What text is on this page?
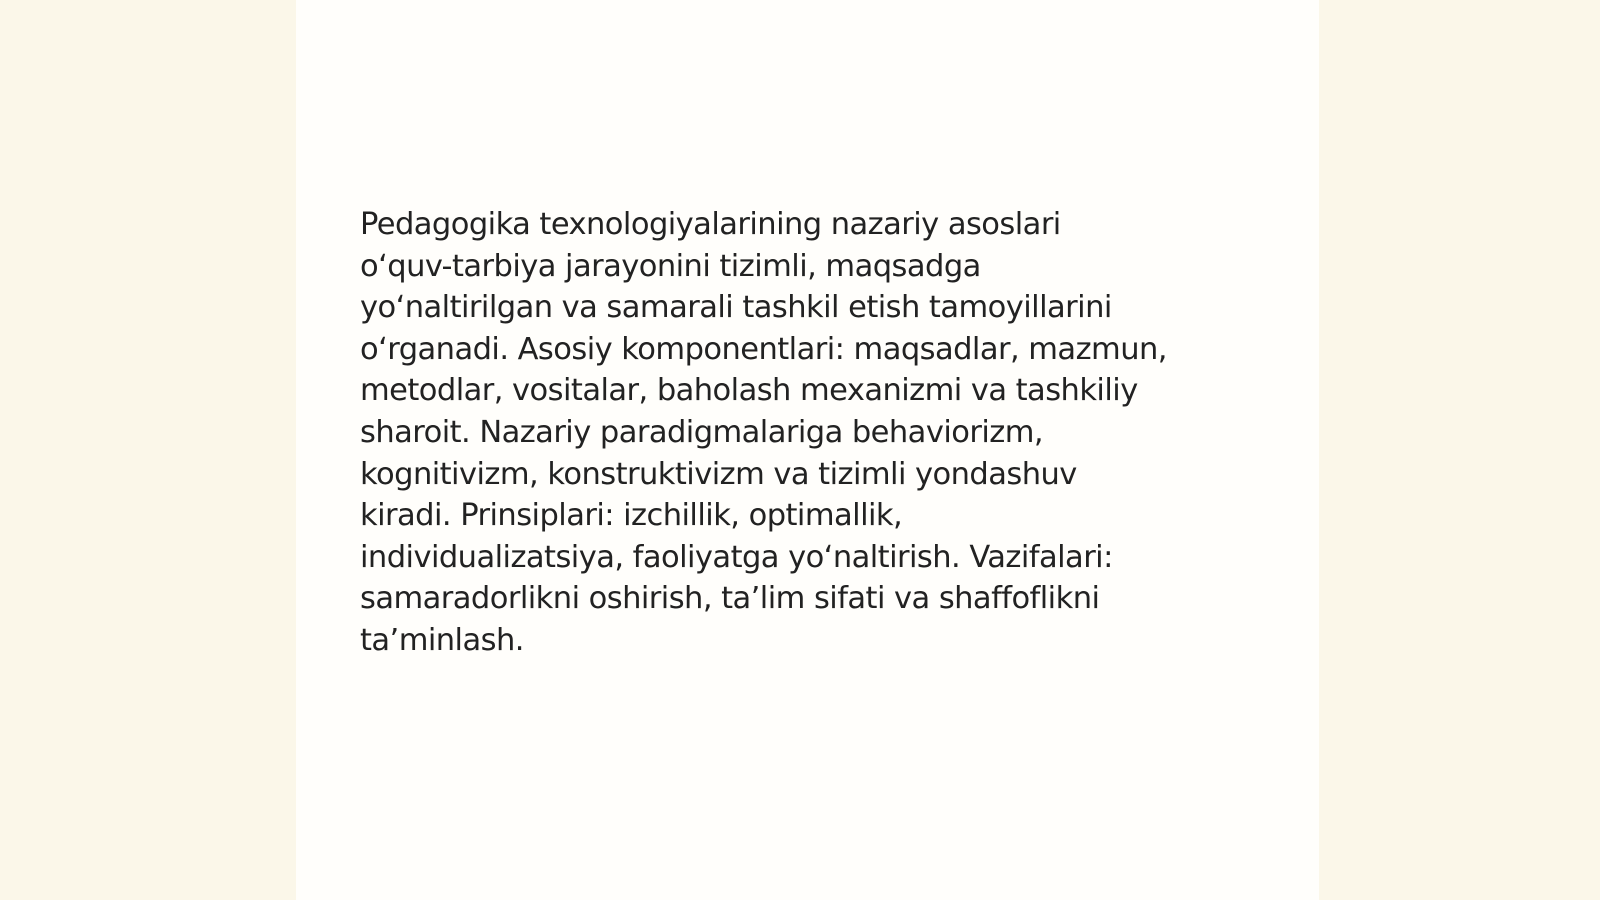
Pedagogika texnologiyalarining nazariy asoslari
o‘quv-tarbiya jarayonini tizimli, maqsadga
yo‘naltirilgan va samarali tashkil etish tamoyillarini
o‘rganadi. Asosiy komponentlari: maqsadlar, mazmun,
metodlar, vositalar, baholash mexanizmi va tashkiliy
sharoit. Nazariy paradigmalariga behaviorizm,
kognitivizm, konstruktivizm va tizimli yondashuv
kiradi. Prinsiplari: izchillik, optimallik,
individualizatsiya, faoliyatga yo‘naltirish. Vazifalari:
samaradorlikni oshirish, ta’lim sifati va shaffoflikni
ta’minlash.
